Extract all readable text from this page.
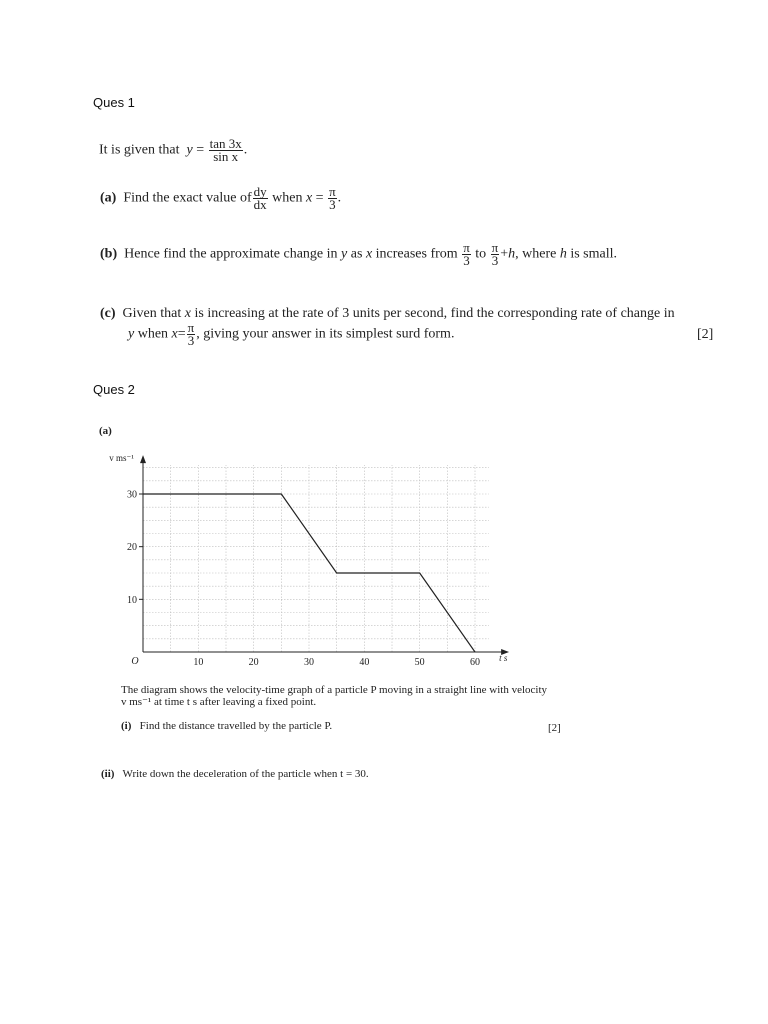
Ques 1
It is given that $y = \frac{\tan 3x}{\text{sin x}}$ .
(a) Find the exact value of $\frac{dy}{dx}$ when $x = \frac{\pi}{3}$ .
(b) Hence find the approximate change in y as x increases from $\frac{\pi}{3}$ to $\frac{\pi}{3} +h$, where h is small.
(c) Given that x is increasing at the rate of 3 units per second, find the corresponding rate of change in
y when $x= \frac{\pi}{3}$ , giving your answer in its simplest surd form.	[2]
Ques 2
(a)
10
20
30
10	20	30	40	50	60
O
v ms⁻¹
t s
The diagram shows the velocity-time graph of a particle P moving in a straight line with velocity
v ms⁻¹ at time t s after leaving a fixed point.
(i) Find the distance travelled by the particle P.	[2]
(ii) Write down the deceleration of the particle when t = 30.
